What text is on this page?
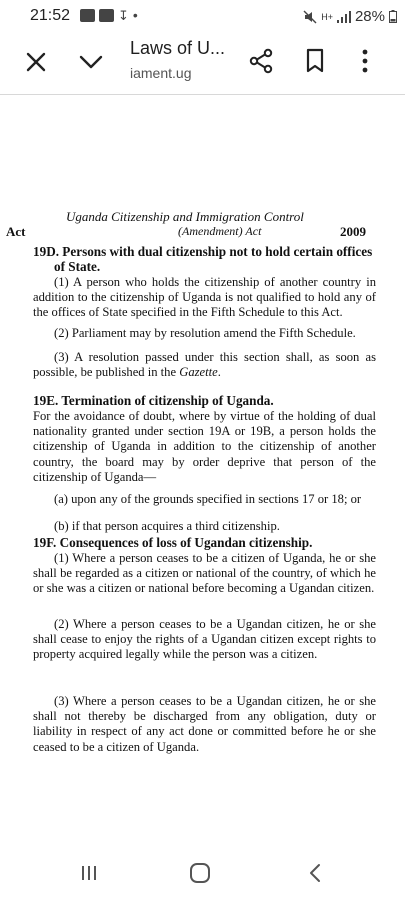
21:52	↧ •	H+ 28%
Laws of U...
iament.ug
Uganda Citizenship and Immigration Control
Act	(Amendment) Act	2009
19D. Persons with dual citizenship not to hold certain offices
of State.
(1) A person who holds the citizenship of another country in addition to the citizenship of Uganda is not qualified to hold any of the offices of State specified in the Fifth Schedule to this Act.
(2) Parliament may by resolution amend the Fifth Schedule.
(3) A resolution passed under this section shall, as soon as possible, be published in the Gazette.
19E. Termination of citizenship of Uganda.
For the avoidance of doubt, where by virtue of the holding of dual nationality granted under section 19A or 19B, a person holds the citizenship of Uganda in addition to the citizenship of another country, the board may by order deprive that person of the citizenship of Uganda—
(a) upon any of the grounds specified in sections 17 or 18; or
(b) if that person acquires a third citizenship.
19F. Consequences of loss of Ugandan citizenship.
(1) Where a person ceases to be a citizen of Uganda, he or she shall be regarded as a citizen or national of the country, of which he or she was a citizen or national before becoming a Ugandan citizen.
(2) Where a person ceases to be a Ugandan citizen, he or she shall cease to enjoy the rights of a Ugandan citizen except rights to property acquired legally while the person was a citizen.
(3) Where a person ceases to be a Ugandan citizen, he or she shall not thereby be discharged from any obligation, duty or liability in respect of any act done or committed before he or she ceased to be a citizen of Uganda.
